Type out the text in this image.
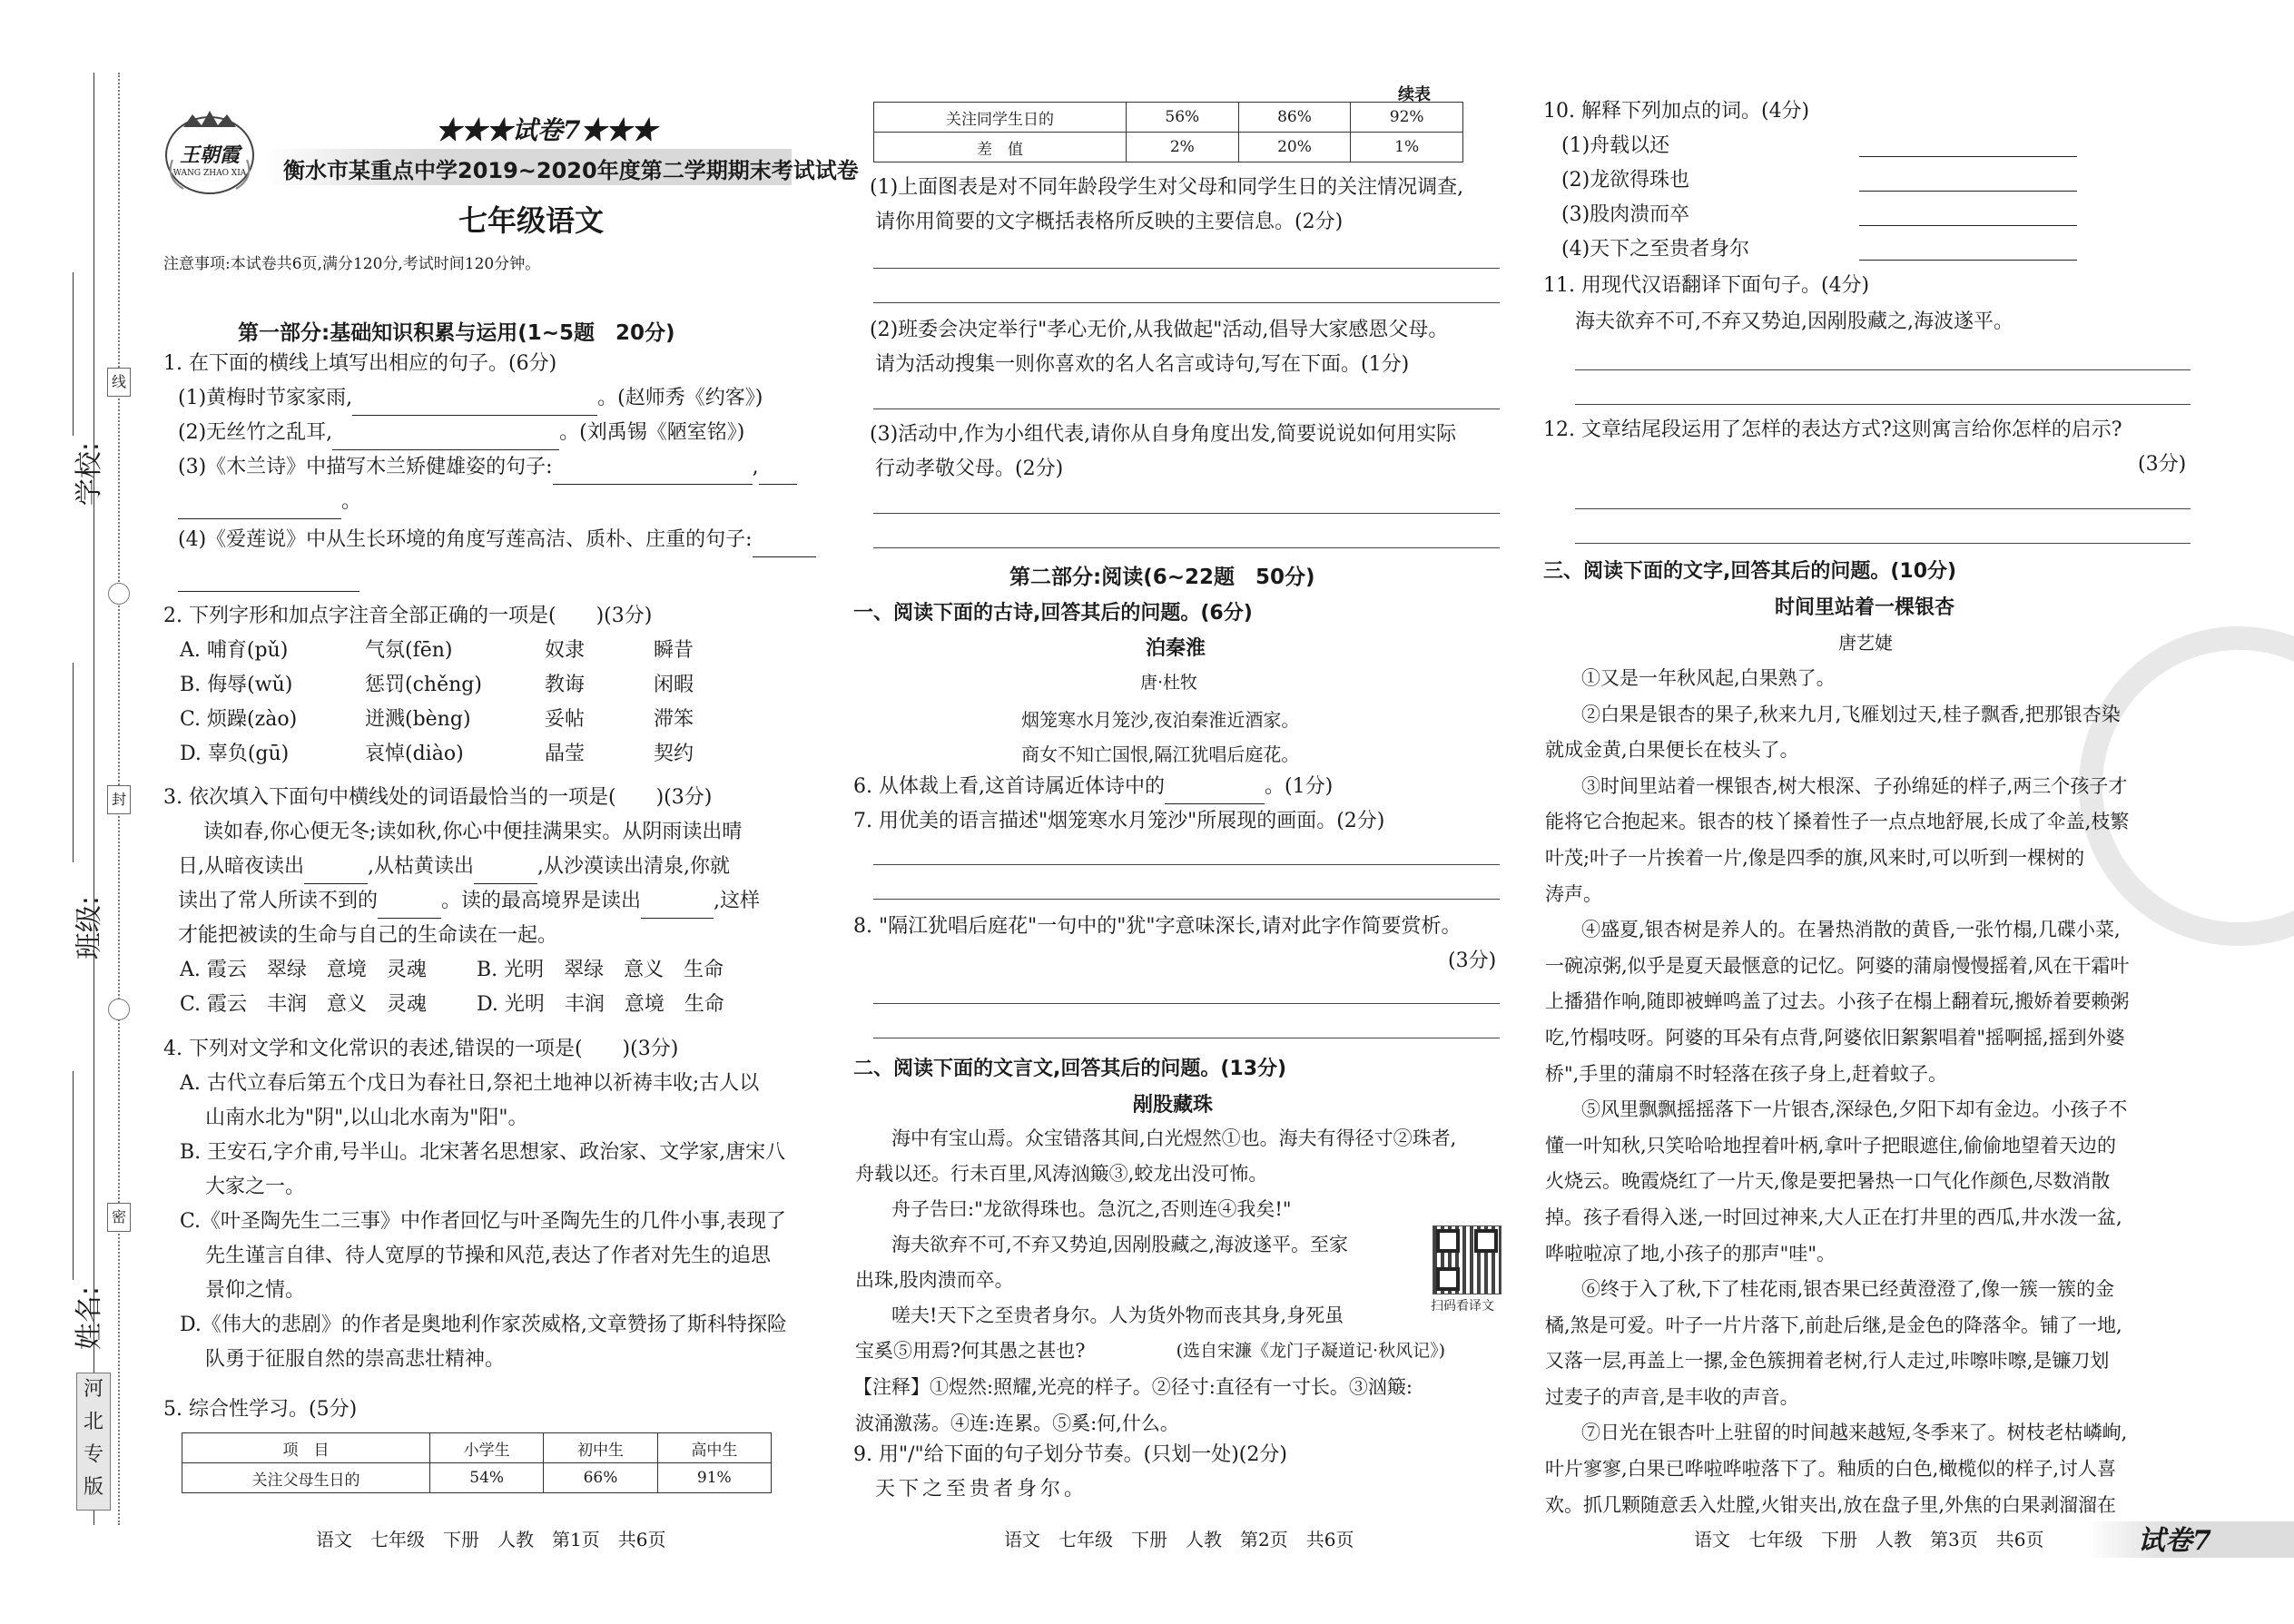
线
封
密
学校:
班级:
姓名:
河
北
专
版
王朝霞
WANG ZHAO XIA
★★★试卷7★★★
衡水市某重点中学2019~2020年度第二学期期末考试试卷
七年级语文
注意事项:本试卷共6页,满分120分,考试时间120分钟。
第一部分:基础知识积累与运用(1~5题　20分)
1. 在下面的横线上填写出相应的句子。(6分)
(1)黄梅时节家家雨,	。(赵师秀《约客》)
(2)无丝竹之乱耳,	。(刘禹锡《陋室铭》)
(3)《木兰诗》中描写木兰矫健雄姿的句子:	,
。
(4)《爱莲说》中从生长环境的角度写莲高洁、质朴、庄重的句子:
2. 下列字形和加点字注音全部正确的一项是(　　)(3分)
A. 哺育(pǔ)	气氛(fēn)	奴隶	瞬昔
B. 侮辱(wǔ)	惩罚(chěng)	教诲	闲暇
C. 烦躁(zào)	迸溅(bèng)	妥帖	滞笨
D. 辜负(gū)	哀悼(diào)	晶莹	契约
3. 依次填入下面句中横线处的词语最恰当的一项是(　　)(3分)
读如春,你心便无冬;读如秋,你心中便挂满果实。从阴雨读出晴
日,从暗夜读出	,从枯黄读出	,从沙漠读出清泉,你就
读出了常人所读不到的	。读的最高境界是读出	,这样
才能把被读的生命与自己的生命读在一起。
A. 霞云　翠绿　意境　灵魂	B. 光明　翠绿　意义　生命
C. 霞云　丰润　意义　灵魂 D. 光明　丰润　意境　生命
4. 下列对文学和文化常识的表述,错误的一项是(　　)(3分)
A. 古代立春后第五个戊日为春社日,祭祀土地神以祈祷丰收;古人以
山南水北为"阴",以山北水南为"阳"。
B. 王安石,字介甫,号半山。北宋著名思想家、政治家、文学家,唐宋八
大家之一。
C.《叶圣陶先生二三事》中作者回忆与叶圣陶先生的几件小事,表现了
先生谨言自律、待人宽厚的节操和风范,表达了作者对先生的追思
景仰之情。
D.《伟大的悲剧》的作者是奥地利作家茨威格,文章赞扬了斯科特探险
队勇于征服自然的崇高悲壮精神。
5. 综合性学习。(5分)
项　目	小学生	初中生	高中生
关注父母生日的	54%	66%	91%
语文　七年级　下册　人教　第1页　共6页
续表
关注同学生日的	56%	86%	92%
差　值	2%	20%	1%
(1)上面图表是对不同年龄段学生对父母和同学生日的关注情况调查,
请你用简要的文字概括表格所反映的主要信息。(2分)
(2)班委会决定举行"孝心无价,从我做起"活动,倡导大家感恩父母。
请为活动搜集一则你喜欢的名人名言或诗句,写在下面。(1分)
(3)活动中,作为小组代表,请你从自身角度出发,简要说说如何用实际
行动孝敬父母。(2分)
第二部分:阅读(6~22题　50分)
一、阅读下面的古诗,回答其后的问题。(6分)
泊秦淮
唐·杜牧
烟笼寒水月笼沙,夜泊秦淮近酒家。
商女不知亡国恨,隔江犹唱后庭花。
6. 从体裁上看,这首诗属近体诗中的	。(1分)
7. 用优美的语言描述"烟笼寒水月笼沙"所展现的画面。(2分)
8. "隔江犹唱后庭花"一句中的"犹"字意味深长,请对此字作简要赏析。
(3分)
二、阅读下面的文言文,回答其后的问题。(13分)
剐股藏珠
海中有宝山焉。众宝错落其间,白光煜然①也。海夫有得径寸②珠者,
舟载以还。行未百里,风涛汹簸③,蛟龙出没可怖。
舟子告曰:"龙欲得珠也。急沉之,否则连④我矣!"
海夫欲弃不可,不弃又势迫,因剐股藏之,海波遂平。至家
出珠,股肉溃而卒。
嗟夫!天下之至贵者身尔。人为货外物而丧其身,身死虽
宝奚⑤用焉?何其愚之甚也?	(选自宋濂《龙门子凝道记·秋风记》)
扫码看译文
【注释】①煜然:照耀,光亮的样子。②径寸:直径有一寸长。③汹簸:
波涌激荡。④连:连累。⑤奚:何,什么。
9. 用"/"给下面的句子划分节奏。(只划一处)(2分)
天下之至贵者身尔。
语文　七年级　下册　人教　第2页　共6页
10. 解释下列加点的词。(4分)
(1)舟载以还
(2)龙欲得珠也
(3)股肉溃而卒
(4)天下之至贵者身尔
11. 用现代汉语翻译下面句子。(4分)
海夫欲弃不可,不弃又势迫,因剐股藏之,海波遂平。
12. 文章结尾段运用了怎样的表达方式?这则寓言给你怎样的启示?
(3分)
三、阅读下面的文字,回答其后的问题。(10分)
时间里站着一棵银杏
唐艺婕
①又是一年秋风起,白果熟了。
②白果是银杏的果子,秋来九月,飞雁划过天,桂子飘香,把那银杏染
就成金黄,白果便长在枝头了。
③时间里站着一棵银杏,树大根深、子孙绵延的样子,两三个孩子才
能将它合抱起来。银杏的枝丫搡着性子一点点地舒展,长成了伞盖,枝繁
叶茂;叶子一片挨着一片,像是四季的旗,风来时,可以听到一棵树的
涛声。
④盛夏,银杏树是养人的。在暑热消散的黄昏,一张竹榻,几碟小菜,
一碗凉粥,似乎是夏天最惬意的记忆。阿婆的蒲扇慢慢摇着,风在干霜叶
上播猎作响,随即被蝉鸣盖了过去。小孩子在榻上翻着玩,搬娇着要赖粥
吃,竹榻吱呀。阿婆的耳朵有点背,阿婆依旧絮絮唱着"摇啊摇,摇到外婆
桥",手里的蒲扇不时轻落在孩子身上,赶着蚊子。
⑤风里飘飘摇摇落下一片银杏,深绿色,夕阳下却有金边。小孩子不
懂一叶知秋,只笑哈哈地捏着叶柄,拿叶子把眼遮住,偷偷地望着天边的
火烧云。晚霞烧红了一片天,像是要把暑热一口气化作颜色,尽数消散
掉。孩子看得入迷,一时回过神来,大人正在打井里的西瓜,井水泼一盆,
哗啦啦凉了地,小孩子的那声"哇"。
⑥终于入了秋,下了桂花雨,银杏果已经黄澄澄了,像一簇一簇的金
橘,煞是可爱。叶子一片片落下,前赴后继,是金色的降落伞。铺了一地,
又落一层,再盖上一摞,金色簇拥着老树,行人走过,咔嚓咔嚓,是镰刀划
过麦子的声音,是丰收的声音。
⑦日光在银杏叶上驻留的时间越来越短,冬季来了。树枝老枯嶙峋,
叶片寥寥,白果已哗啦哗啦落下了。釉质的白色,橄榄似的样子,讨人喜
欢。抓几颗随意丢入灶膛,火钳夹出,放在盘子里,外焦的白果剥溜溜在
语文　七年级　下册　人教　第3页　共6页	试卷7
